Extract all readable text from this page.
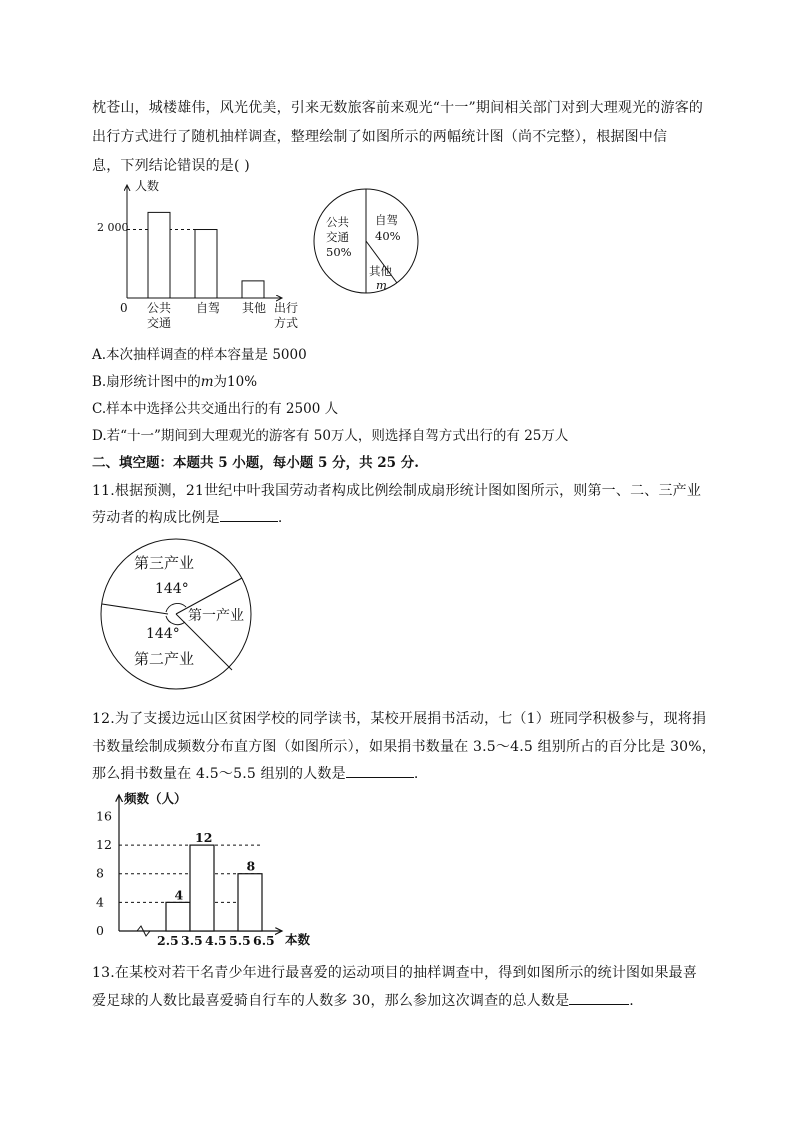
枕苍山，城楼雄伟，风光优美，引来无数旅客前来观光“十一”期间相关部门对到大理观光的游客的
出行方式进行了随机抽样调查，整理绘制了如图所示的两幅统计图（尚不完整），根据图中信
息，下列结论错误的是( )
人数
0
2 000
公共
交通
自驾 其他 出行
方式
公共
交通
50%
自驾
40%
其他
m
A.本次抽样调查的样本容量是 5000
B.扇形统计图中的m为10%
C.样本中选择公共交通出行的有 2500 人
D.若“十一”期间到大理观光的游客有 50万人，则选择自驾方式出行的有 25万人
二、填空题：本题共 5 小题，每小题 5 分，共 25 分.
11.根据预测，21世纪中叶我国劳动者构成比例绘制成扇形统计图如图所示，则第一、二、三产业
劳动者的构成比例是	.
第三产业
144°
第一产业
144°
第二产业
12.为了支援边远山区贫困学校的同学读书，某校开展捐书活动，七（1）班同学积极参与，现将捐
书数量绘制成频数分布直方图（如图所示），如果捐书数量在 3.5～4.5 组别所占的百分比是 30%，
那么捐书数量在 4.5～5.5 组别的人数是	.
频数（人）
本数
0
4
8
12
16
2.5 3.5 4.5 5.5 6.5
4
12
8
13.在某校对若干名青少年进行最喜爱的运动项目的抽样调查中，得到如图所示的统计图如果最喜
爱足球的人数比最喜爱骑自行车的人数多 30，那么参加这次调查的总人数是	.
